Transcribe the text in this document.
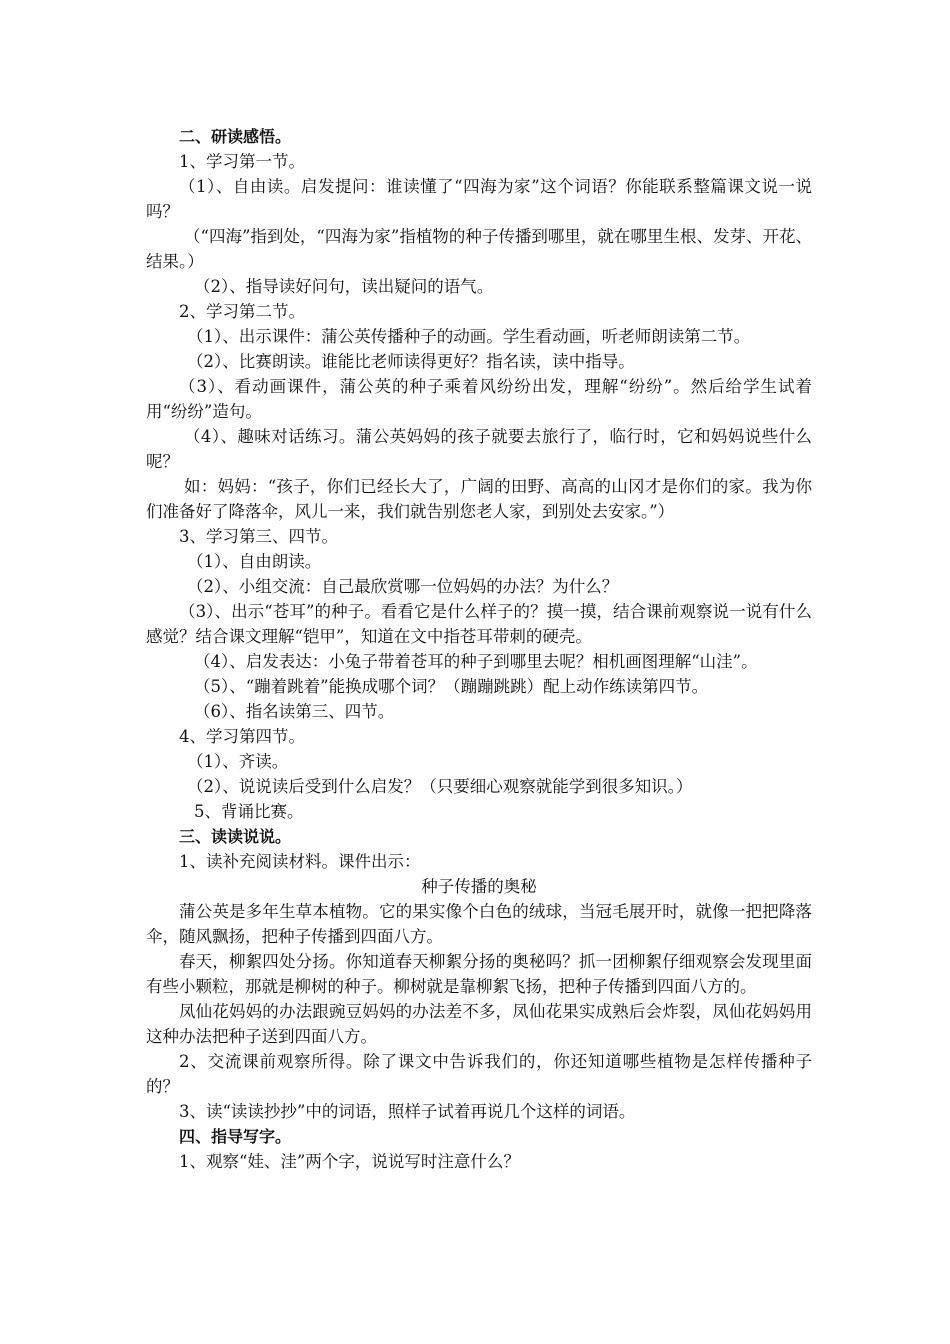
二、研读感悟。

1、学习第一节。

（1）、自由读。启发提问：谁读懂了“四海为家”这个词语？你能联系整篇课文说一说吗？

（“四海”指到处，“四海为家”指植物的种子传播到哪里，就在哪里生根、发芽、开花、结果。）

（2）、指导读好问句，读出疑问的语气。

2、学习第二节。

（1）、出示课件：蒲公英传播种子的动画。学生看动画，听老师朗读第二节。

（2）、比赛朗读。谁能比老师读得更好？指名读，读中指导。

（3）、看动画课件，蒲公英的种子乘着风纷纷出发，理解“纷纷”。然后给学生试着用“纷纷”造句。

（4）、趣味对话练习。蒲公英妈妈的孩子就要去旅行了，临行时，它和妈妈说些什么呢？

如：妈妈：“孩子，你们已经长大了，广阔的田野、高高的山冈才是你们的家。我为你们准备好了降落伞，风儿一来，我们就告别您老人家，到别处去安家。”）

3、学习第三、四节。

（1）、自由朗读。

（2）、小组交流：自己最欣赏哪一位妈妈的办法？为什么？

（3）、出示“苍耳”的种子。看看它是什么样子的？摸一摸，结合课前观察说一说有什么感觉？结合课文理解“铠甲”，知道在文中指苍耳带刺的硬壳。

（4）、启发表达：小兔子带着苍耳的种子到哪里去呢？相机画图理解“山洼”。

（5）、“蹦着跳着”能换成哪个词？（蹦蹦跳跳）配上动作练读第四节。

（6）、指名读第三、四节。

4、学习第四节。

（1）、齐读。

（2）、说说读后受到什么启发？（只要细心观察就能学到很多知识。）

5、背诵比赛。

三、读读说说。

1、读补充阅读材料。课件出示：

种子传播的奥秘

蒲公英是多年生草本植物。它的果实像个白色的绒球，当冠毛展开时，就像一把把降落伞，随风飘扬，把种子传播到四面八方。

春天，柳絮四处分扬。你知道春天柳絮分扬的奥秘吗？抓一团柳絮仔细观察会发现里面有些小颗粒，那就是柳树的种子。柳树就是靠柳絮飞扬，把种子传播到四面八方的。

凤仙花妈妈的办法跟豌豆妈妈的办法差不多，凤仙花果实成熟后会炸裂，凤仙花妈妈用这种办法把种子送到四面八方。

2、交流课前观察所得。除了课文中告诉我们的，你还知道哪些植物是怎样传播种子的？

3、读“读读抄抄”中的词语，照样子试着再说几个这样的词语。

四、指导写字。

1、观察“娃、洼”两个字，说说写时注意什么？
